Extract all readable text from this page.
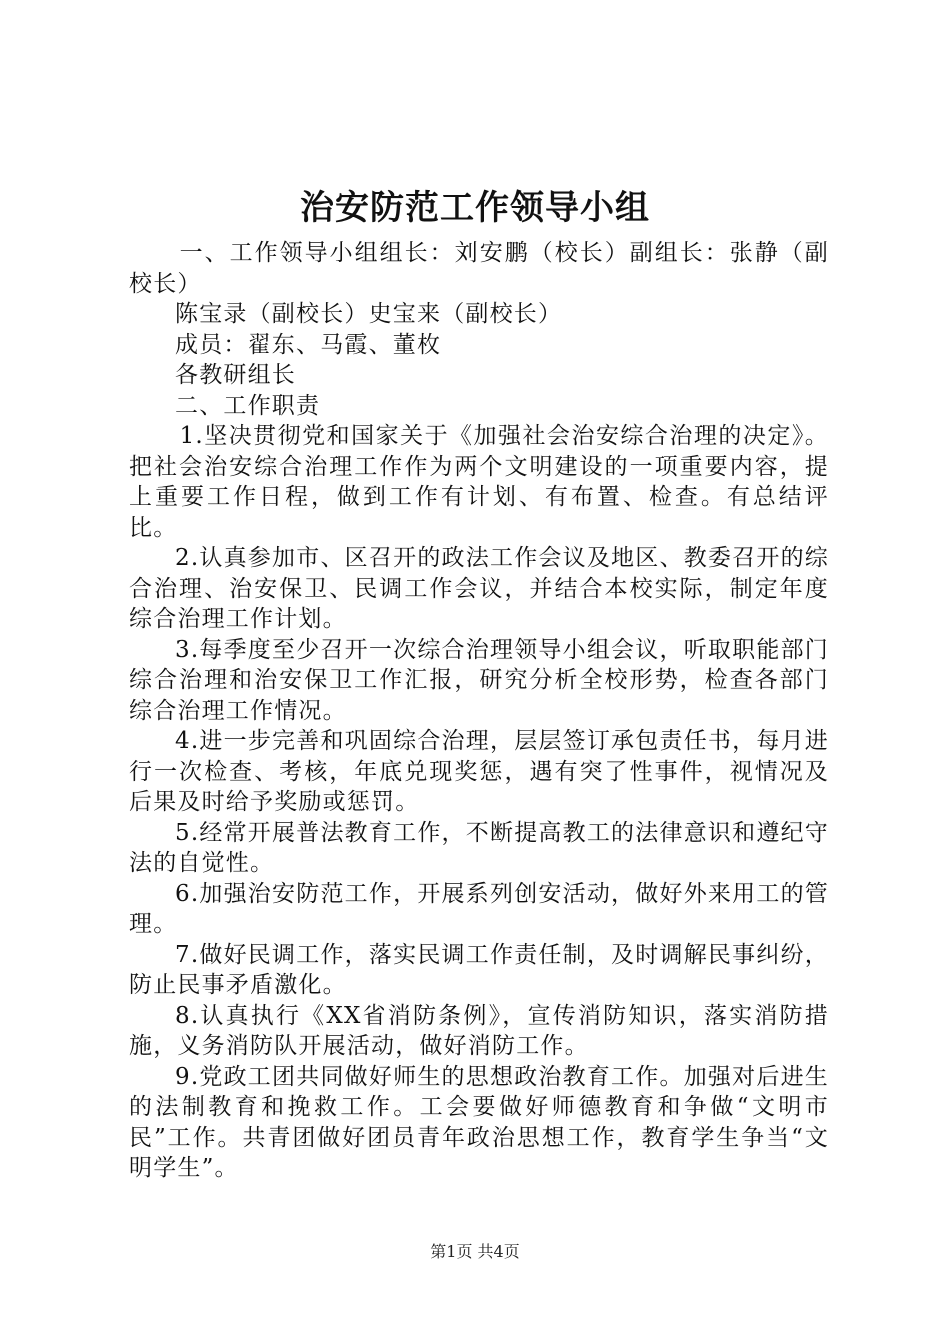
治安防范工作领导小组

一、工作领导小组组长：刘安鹏（校长）副组长：张静（副校长）

陈宝录（副校长）史宝来（副校长）

成员：翟东、马霞、董枚

各教研组长

二、工作职责

1.坚决贯彻党和国家关于《加强社会治安综合治理的决定》。把社会治安综合治理工作作为两个文明建设的一项重要内容，提上重要工作日程，做到工作有计划、有布置、检查。有总结评比。

2.认真参加市、区召开的政法工作会议及地区、教委召开的综合治理、治安保卫、民调工作会议，并结合本校实际，制定年度综合治理工作计划。

3.每季度至少召开一次综合治理领导小组会议，听取职能部门综合治理和治安保卫工作汇报，研究分析全校形势，检查各部门综合治理工作情况。

4.进一步完善和巩固综合治理，层层签订承包责任书，每月进行一次检查、考核，年底兑现奖惩，遇有突了性事件，视情况及后果及时给予奖励或惩罚。

5.经常开展普法教育工作，不断提高教工的法律意识和遵纪守法的自觉性。

6.加强治安防范工作，开展系列创安活动，做好外来用工的管理。

7.做好民调工作，落实民调工作责任制，及时调解民事纠纷，防止民事矛盾激化。

8.认真执行《XX省消防条例》，宣传消防知识，落实消防措施，义务消防队开展活动，做好消防工作。

9.党政工团共同做好师生的思想政治教育工作。加强对后进生的法制教育和挽救工作。工会要做好师德教育和争做“文明市民”工作。共青团做好团员青年政治思想工作，教育学生争当“文明学生”。

第1页 共4页
